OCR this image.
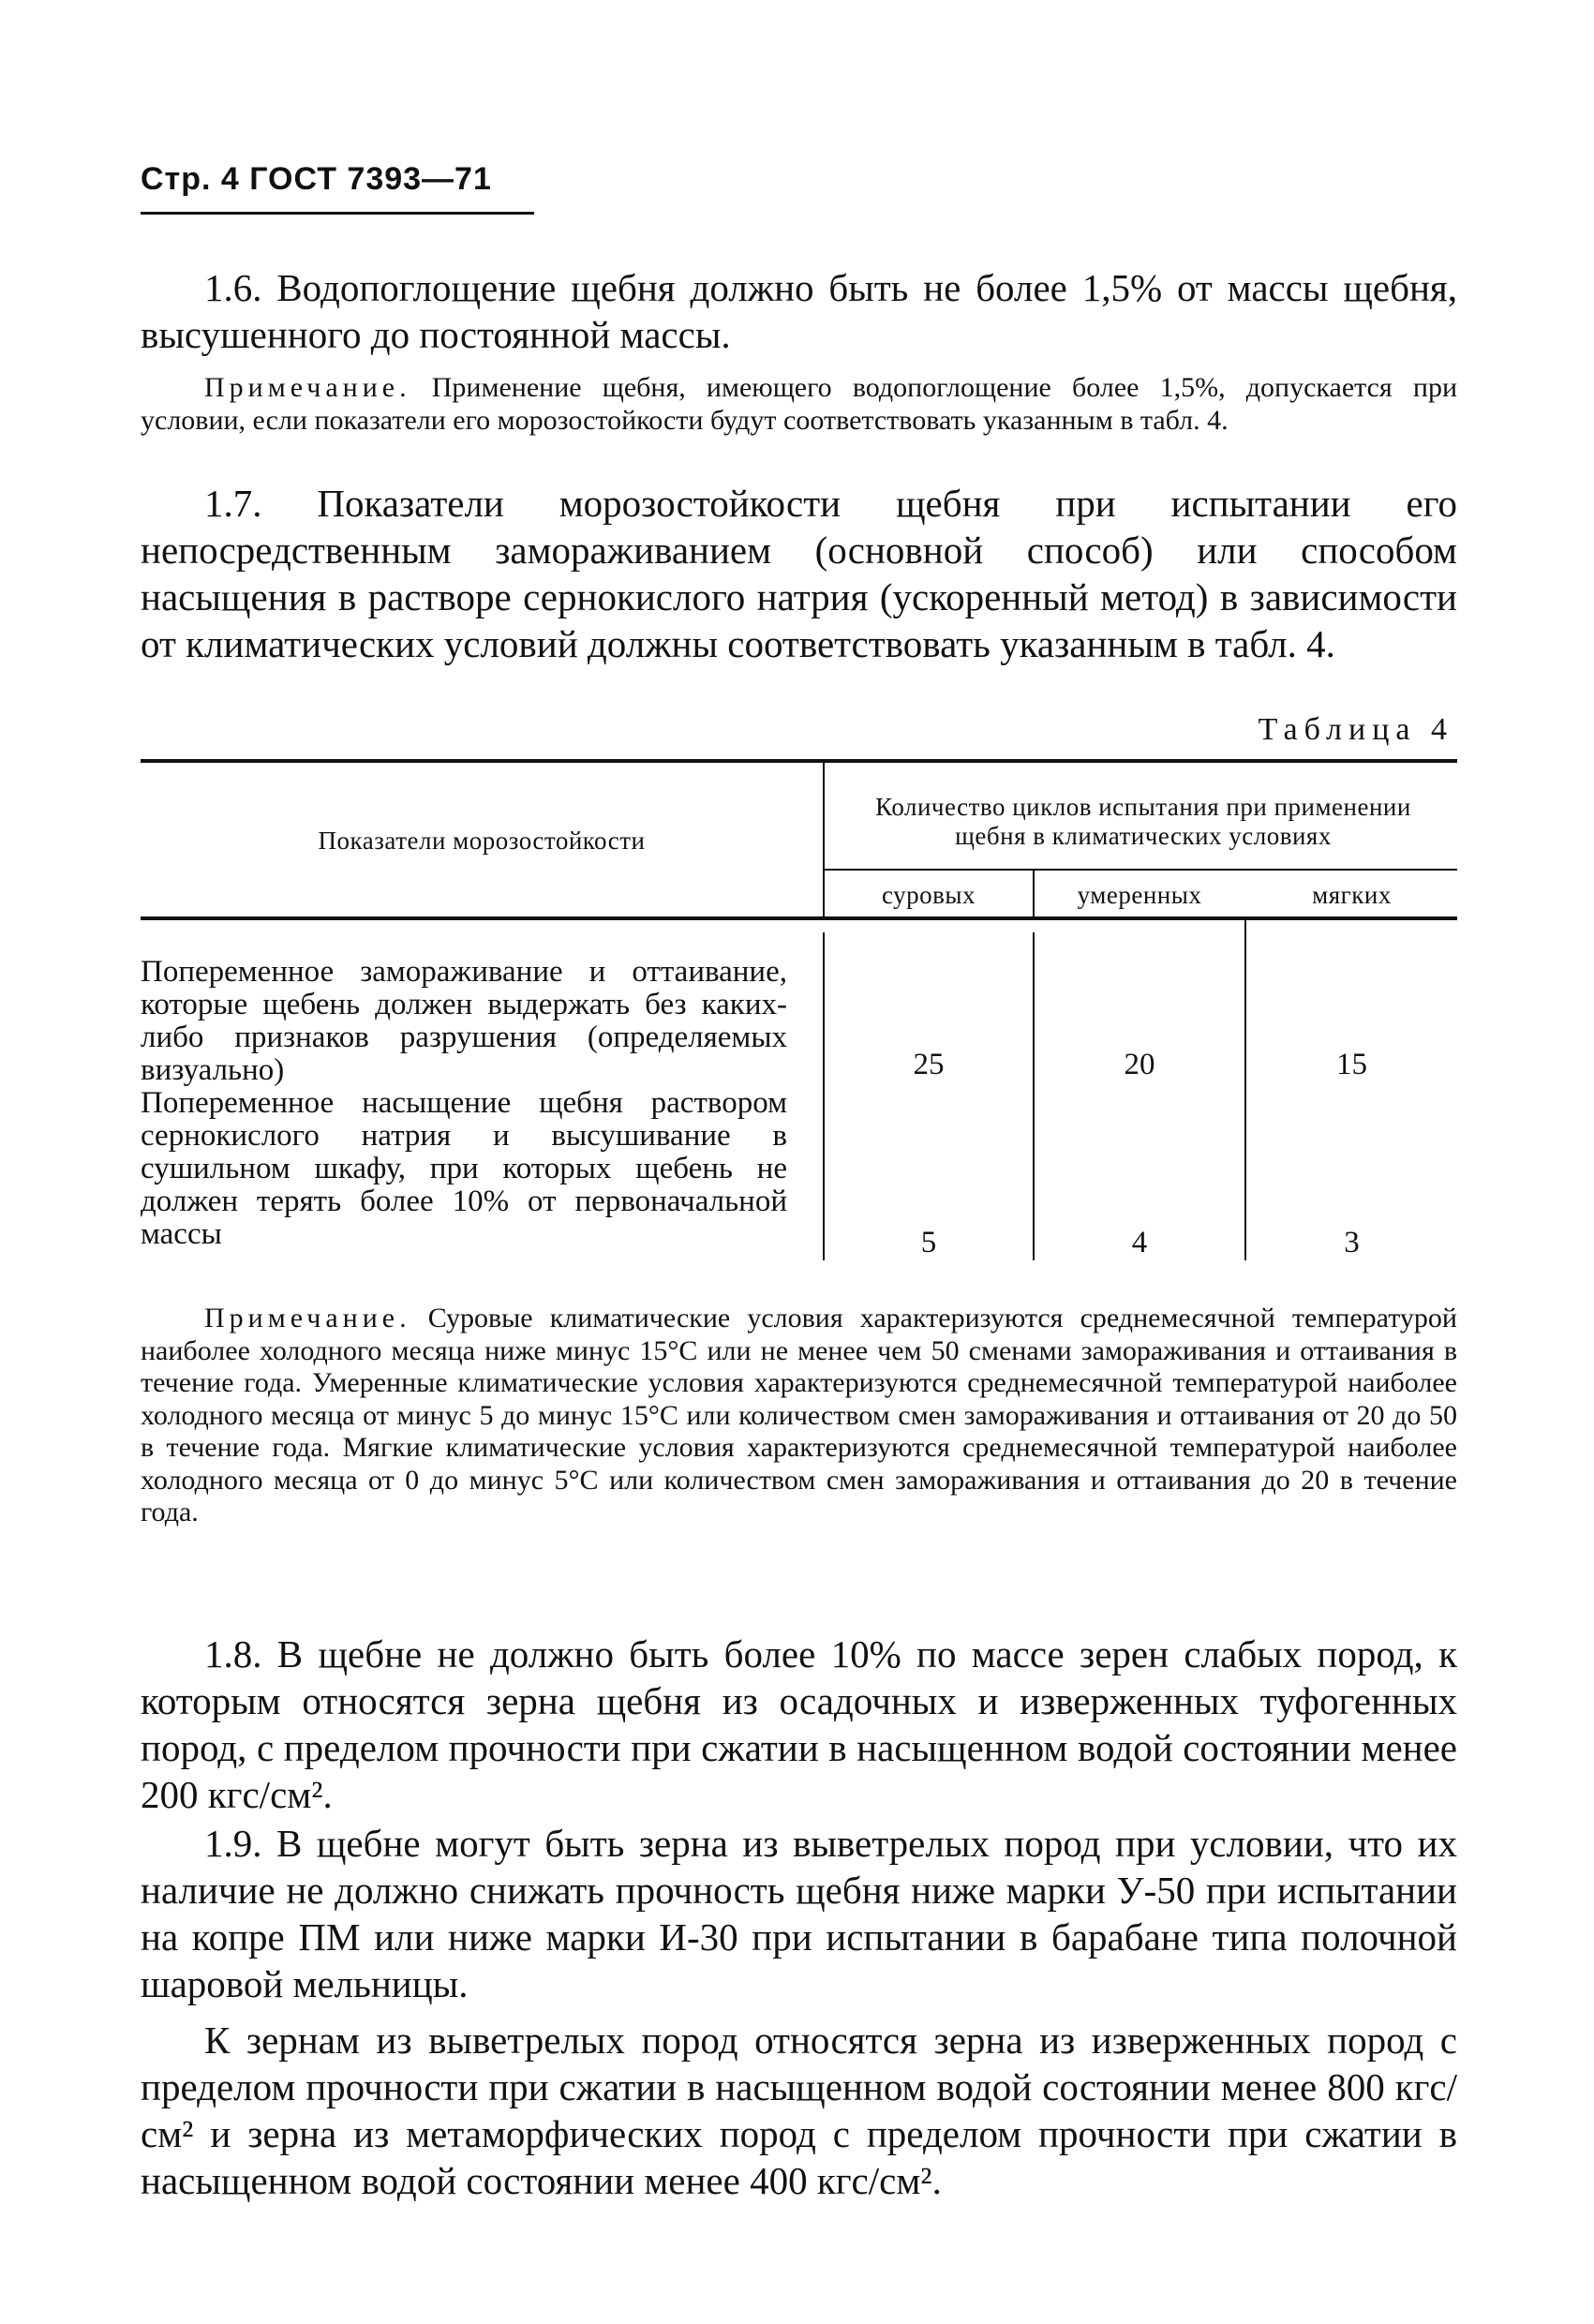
Стр. 4 ГОСТ 7393—71

1.6. Водопоглощение щебня должно быть не более 1,5% от массы щебня, высушенного до постоянной массы.

Примечание. Применение щебня, имеющего водопоглощение более 1,5%, допускается при условии, если показатели его морозостойкости будут соответствовать указанным в табл. 4.

1.7. Показатели морозостойкости щебня при испытании его непосредственным замораживанием (основной способ) или способом насыщения в растворе сернокислого натрия (ускоренный метод) в зависимости от климатических условий должны соответствовать указанным в табл. 4.

Таблица 4
Показатели морозостойкости
Количество циклов испытания при применении щебня в климатических условиях
суровых	умеренных	мягких
Попеременное замораживание и оттаивание, которые щебень должен выдержать без каких-либо признаков разрушения (определяемых визуально)	25	20	15
Попеременное насыщение щебня раствором сернокислого натрия и высушивание в сушильном шкафу, при которых щебень не должен терять более 10% от первоначальной массы	5	4	3

Примечание. Суровые климатические условия характеризуются среднемесячной температурой наиболее холодного месяца ниже минус 15°С или не менее чем 50 сменами замораживания и оттаивания в течение года. Умеренные климатические условия характеризуются среднемесячной температурой наиболее холодного месяца от минус 5 до минус 15°С или количеством смен замораживания и оттаивания от 20 до 50 в течение года. Мягкие климатические условия характеризуются среднемесячной температурой наиболее холодного месяца от 0 до минус 5°С или количеством смен замораживания и оттаивания до 20 в течение года.

1.8. В щебне не должно быть более 10% по массе зерен слабых пород, к которым относятся зерна щебня из осадочных и изверженных туфогенных пород, с пределом прочности при сжатии в насыщенном водой состоянии менее 200 кгс/см².

1.9. В щебне могут быть зерна из выветрелых пород при условии, что их наличие не должно снижать прочность щебня ниже марки У-50 при испытании на копре ПМ или ниже марки И-30 при испытании в барабане типа полочной шаровой мельницы.

К зернам из выветрелых пород относятся зерна из изверженных пород с пределом прочности при сжатии в насыщенном водой состоянии менее 800 кгс/см² и зерна из метаморфических пород с пределом прочности при сжатии в насыщенном водой состоянии менее 400 кгс/см².
